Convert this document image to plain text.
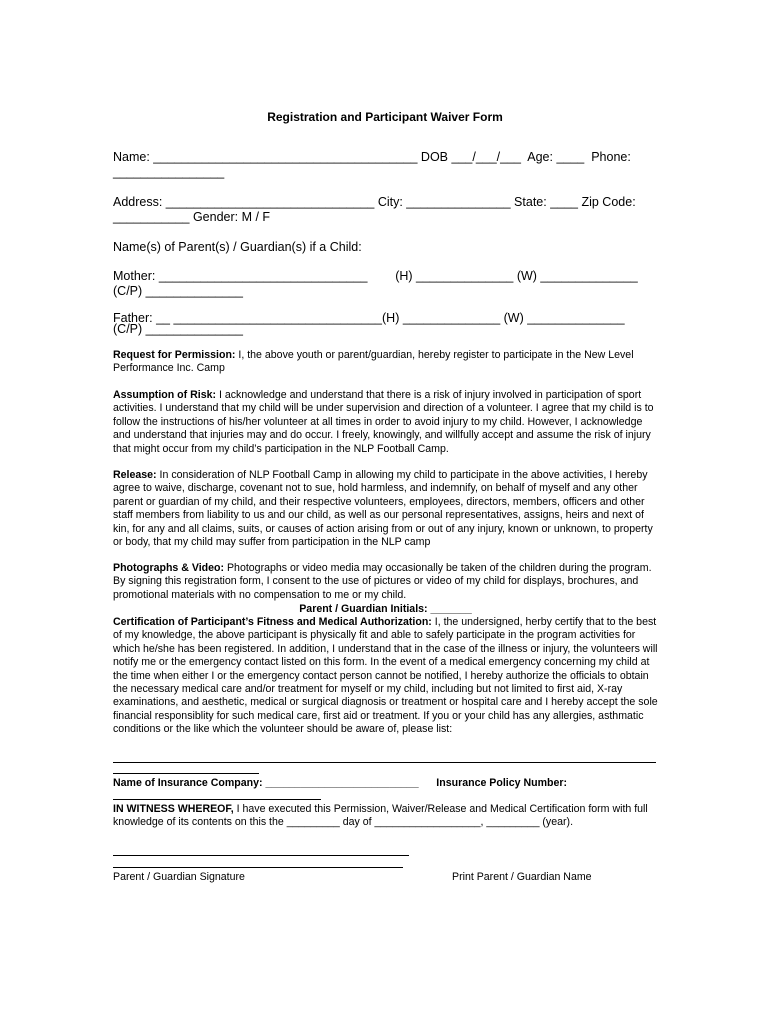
Registration and Participant Waiver Form
Name: ______________________________________ DOB ___/___/___  Age: ____  Phone:
________________
Address: ______________________________ City: _______________ State: ____ Zip Code:
___________ Gender: M / F
Name(s) of Parent(s) / Guardian(s) if a Child:
Mother: ______________________________        (H) ______________ (W) ______________
(C/P) ______________
Father: __ ______________________________(H) ______________ (W) ______________
(C/P) ______________
Request for Permission: I, the above youth or parent/guardian, hereby register to participate in the New Level Performance Inc. Camp
Assumption of Risk: I acknowledge and understand that there is a risk of injury involved in participation of sport activities. I understand that my child will be under supervision and direction of a volunteer. I agree that my child is to follow the instructions of his/her volunteer at all times in order to avoid injury to my child. However, I acknowledge and understand that injuries may and do occur. I freely, knowingly, and willfully accept and assume the risk of injury that might occur from my child’s participation in the NLP Football Camp.
Release: In consideration of NLP Football Camp in allowing my child to participate in the above activities, I hereby agree to waive, discharge, covenant not to sue, hold harmless, and indemnify, on behalf of myself and any other parent or guardian of my child, and their respective volunteers, employees, directors, members, officers and other staff members from liability to us and our child, as well as our personal representatives, assigns, heirs and next of kin, for any and all claims, suits, or causes of action arising from or out of any injury, known or unknown, to property or body, that my child may suffer from participation in the NLP camp
Photographs & Video: Photographs or video media may occasionally be taken of the children during the program. By signing this registration form, I consent to the use of pictures or video of my child for displays, brochures, and promotional materials with no compensation to me or my child.
Parent / Guardian Initials: _______
Certification of Participant’s Fitness and Medical Authorization: I, the undersigned, herby certify that to the best of my knowledge, the above participant is physically fit and able to safely participate in the program activities for which he/she has been registered. In addition, I understand that in the case of the illness or injury, the volunteers will notify me or the emergency contact listed on this form. In the event of a medical emergency concerning my child at the time when either I or the emergency contact person cannot be notified, I hereby authorize the officials to obtain the necessary medical care and/or treatment for myself or my child, including but not limited to first aid, X-ray examinations, and aesthetic, medical or surgical diagnosis or treatment or hospital care and I hereby accept the sole financial responsiblity for such medical care, first aid or treatment. If you or your child has any allergies, asthmatic conditions or the like which the volunteer should be aware of, please list:
Name of Insurance Company: __________________________      Insurance Policy Number:
IN WITNESS WHEREOF, I have executed this Permission, Waiver/Release and Medical Certification form with full knowledge of its contents on this the _________ day of __________________, _________ (year).
Parent / Guardian Signature	Print Parent / Guardian Name
